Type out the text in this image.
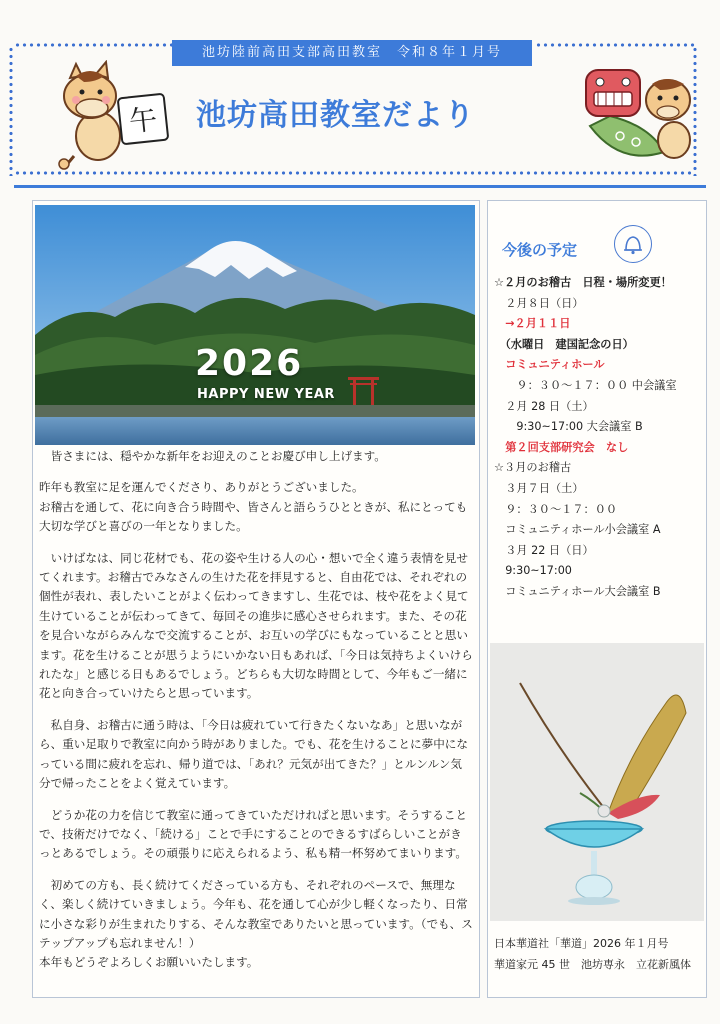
池坊陸前高田支部高田教室　令和８年１月号
池坊高田教室だより
午
2026
HAPPY NEW YEAR

皆さまには、穏やかな新年をお迎えのことお慶び申し上げます。

昨年も教室に足を運んでくださり、ありがとうございました。
お稽古を通して、花に向き合う時間や、皆さんと語らうひとときが、私にとっても大切な学びと喜びの一年となりました。

いけばなは、同じ花材でも、花の姿や生ける人の心・想いで全く違う表情を見せてくれます。お稽古でみなさんの生けた花を拝見すると、自由花では、それぞれの個性が表れ、表したいことがよく伝わってきますし、生花では、枝や花をよく見て生けていることが伝わってきて、毎回その進歩に感心させられます。また、その花を見合いながらみんなで交流することが、お互いの学びにもなっていることと思います。花を生けることが思うようにいかない日もあれば、「今日は気持ちよくいけられたな」と感じる日もあるでしょう。どちらも大切な時間として、今年もご一緒に花と向き合っていけたらと思っています。

私自身、お稽古に通う時は、「今日は疲れていて行きたくないなあ」と思いながら、重い足取りで教室に向かう時がありました。でも、花を生けることに夢中になっている間に疲れを忘れ、帰り道では、「あれ？元気が出てきた？」とルンルン気分で帰ったことをよく覚えています。

どうか花の力を信じて教室に通ってきていただければと思います。そうすることで、技術だけでなく、「続ける」ことで手にすることのできるすばらしいことがきっとあるでしょう。その頑張りに応えられるよう、私も精一杯努めてまいります。

初めての方も、長く続けてくださっている方も、それぞれのペースで、無理なく、楽しく続けていきましょう。今年も、花を通して心が少し軽くなったり、日常に小さな彩りが生まれたりする、そんな教室でありたいと思っています。（でも、ステップアップも忘れません！）
本年もどうぞよろしくお願いいたします。

今後の予定
☆２月のお稽古　日程・場所変更！
　２月８日（日）
　→２月１１日
　（水曜日　建国記念の日）
　コミュニティホール
　　９：３０～１７：００ 中会議室
　２月 28 日（土）
　　9:30~17:00 大会議室 B
　第２回支部研究会　なし
☆３月のお稽古
　３月７日（土）
　９：３０～１７：００
　コミュニティホール小会議室 A
　３月 22 日（日）
　9:30~17:00
　コミュニティホール大会議室 B
日本華道社「華道」2026 年１月号
華道家元 45 世　池坊専永　立花新風体
